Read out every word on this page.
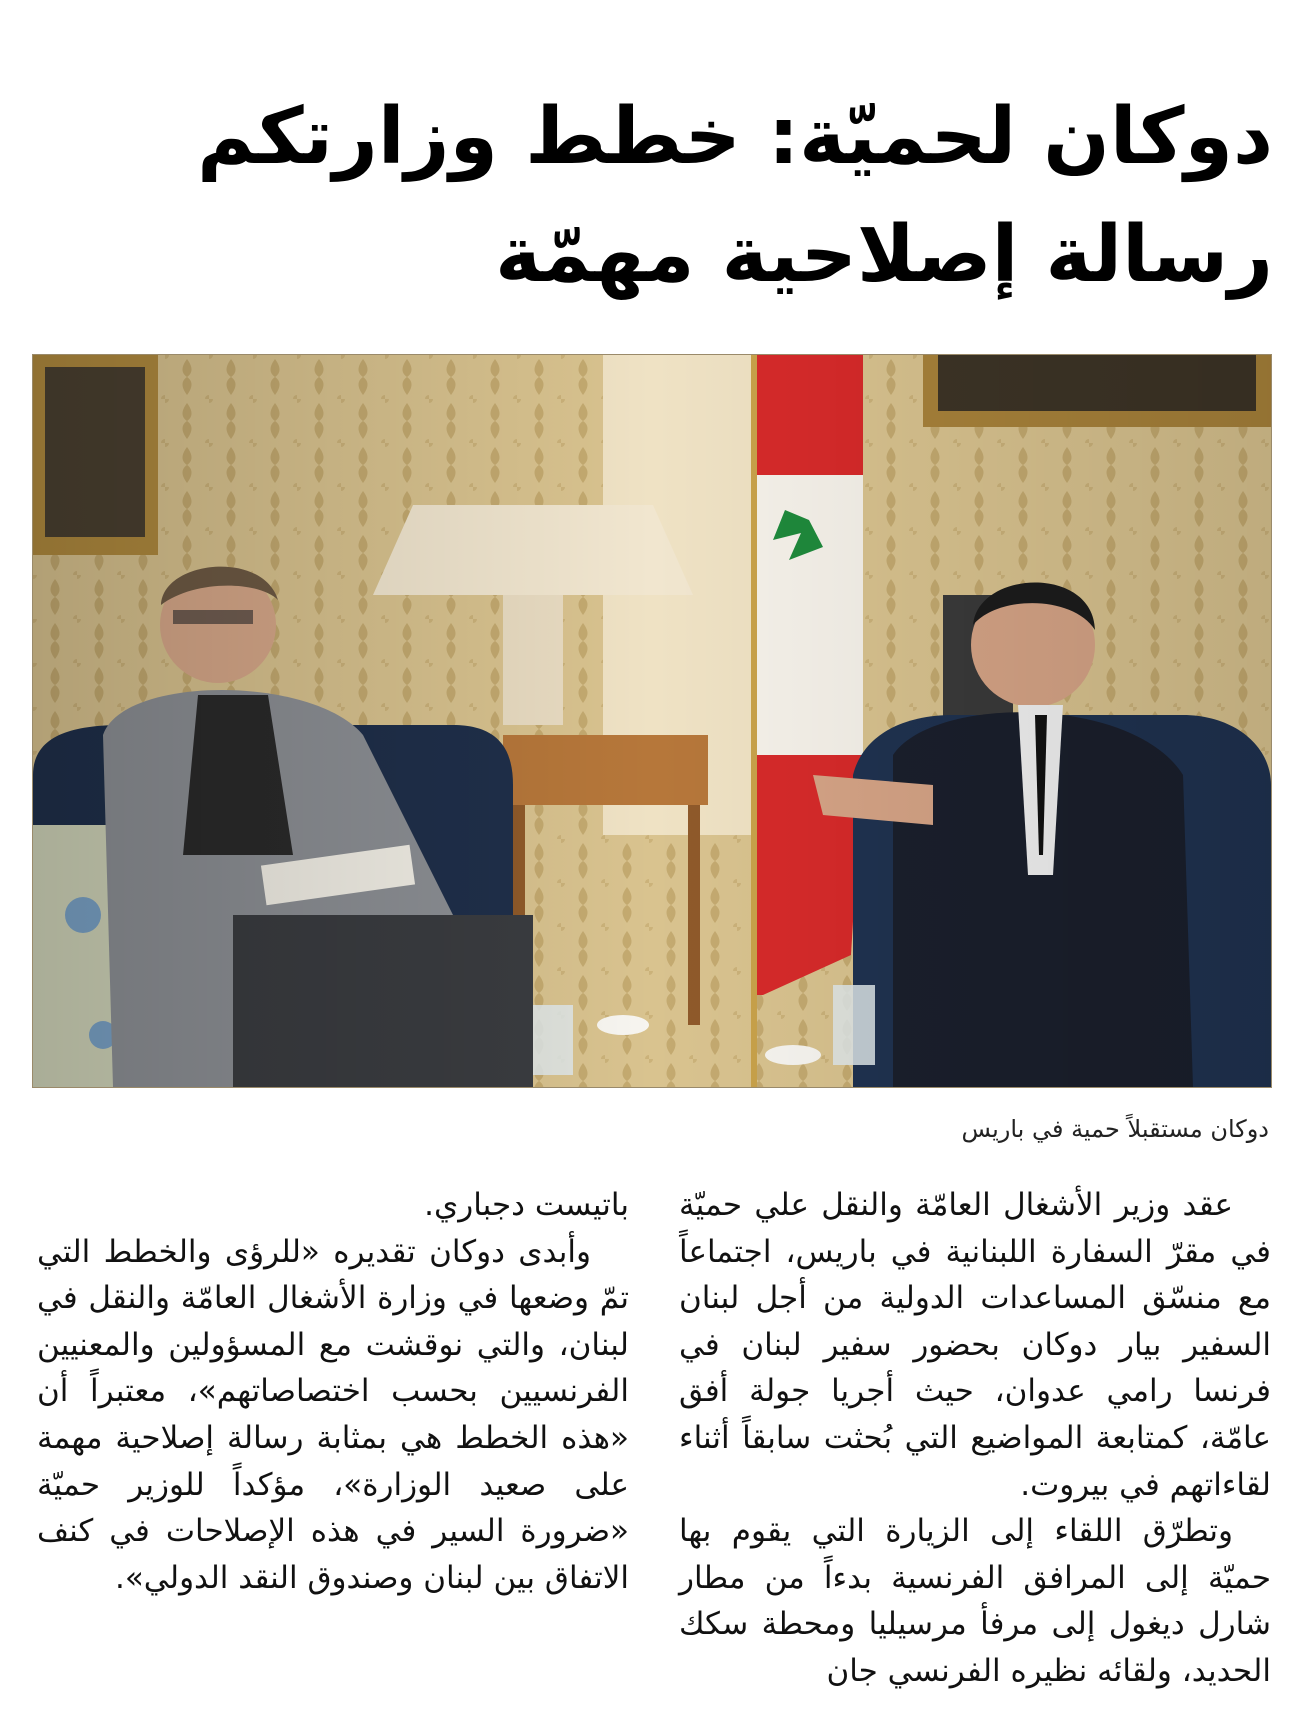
دوكان لحميّة: خطط وزارتكم
رسالة إصلاحية مهمّة
دوكان مستقبلاً حمية في باريس

عقد وزير الأشغال العامّة والنقل علي حميّة في مقرّ السفارة اللبنانية في باريس، اجتماعاً مع منسّق المساعدات الدولية من أجل لبنان السفير بيار دوكان بحضور سفير لبنان في فرنسا رامي عدوان، حيث أجريا جولة أفق عامّة، كمتابعة المواضيع التي بُحثت سابقاً أثناء لقاءاتهم في بيروت.

وتطرّق اللقاء إلى الزيارة التي يقوم بها حميّة إلى المرافق الفرنسية بدءاً من مطار شارل ديغول إلى مرفأ مرسيليا ومحطة سكك الحديد، ولقائه نظيره الفرنسي جان

باتيست دجباري.

وأبدى دوكان تقديره «للرؤى والخطط التي تمّ وضعها في وزارة الأشغال العامّة والنقل في لبنان، والتي نوقشت مع المسؤولين والمعنيين الفرنسيين بحسب اختصاصاتهم»، معتبراً أن «هذه الخطط هي بمثابة رسالة إصلاحية مهمة على صعيد الوزارة»، مؤكداً للوزير حميّة «ضرورة السير في هذه الإصلاحات في كنف الاتفاق بين لبنان وصندوق النقد الدولي».
